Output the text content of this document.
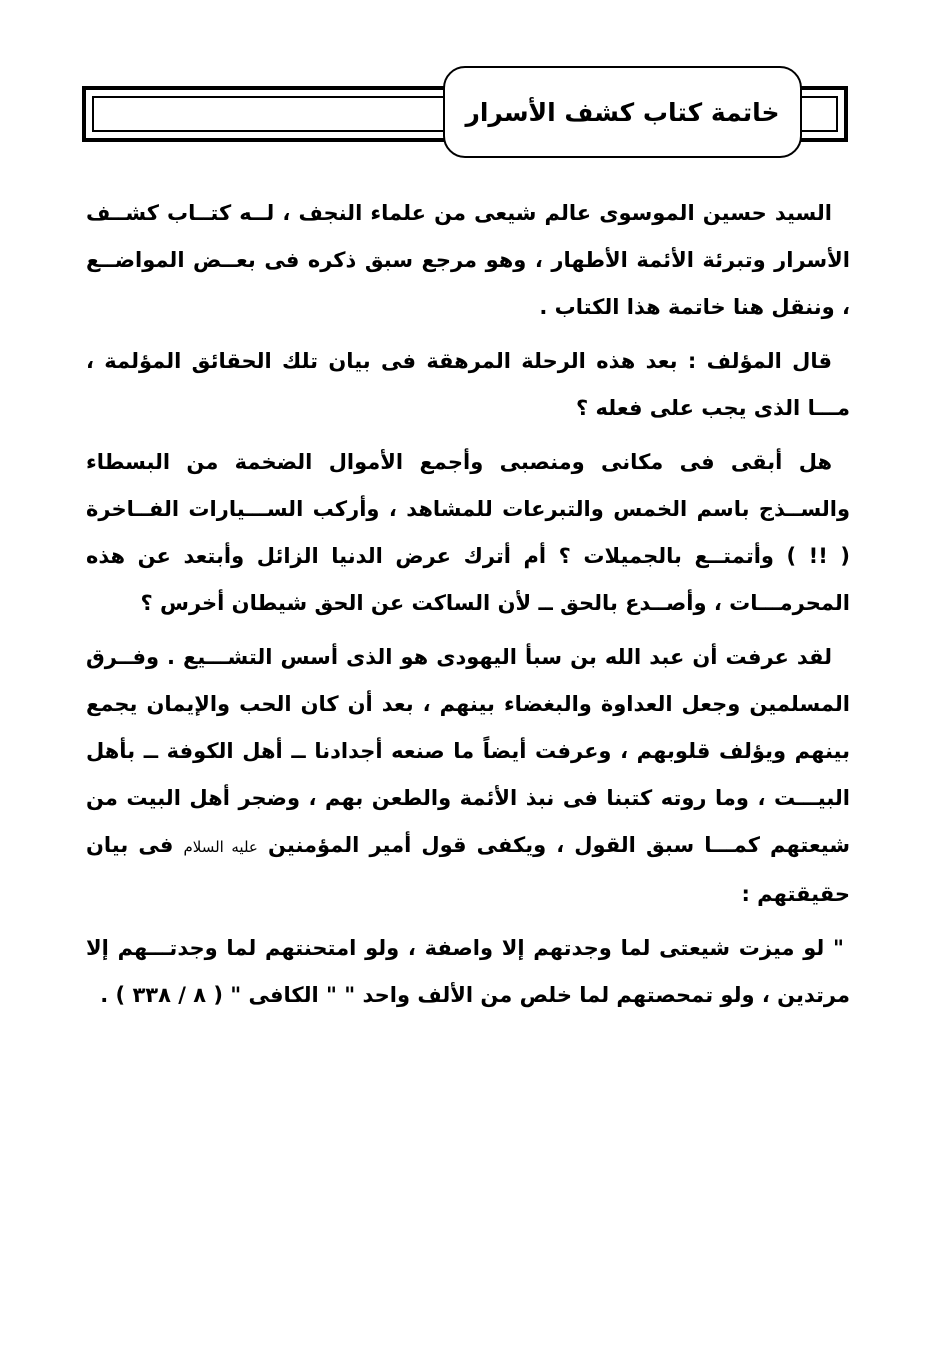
خاتمة كتاب كشف الأسرار

السيد حسين الموسوى عالم شيعى من علماء النجف ، لــه كتــاب كشــف الأسرار وتبرئة الأئمة الأطهار ، وهو مرجع سبق ذكره فى بعــض المواضــع ، وننقل هنا خاتمة هذا الكتاب .

قال المؤلف : بعد هذه الرحلة المرهقة فى بيان تلك الحقائق المؤلمة ، مـــا الذى يجب على فعله ؟

هل أبقى فى مكانى ومنصبى وأجمع الأموال الضخمة من البسطاء والســذج باسم الخمس والتبرعات للمشاهد ، وأركب الســـيارات الفــاخرة ( !! ) وأتمتــع بالجميلات ؟ أم أترك عرض الدنيا الزائل وأبتعد عن هذه المحرمـــات ، وأصــدع بالحق ــ لأن الساكت عن الحق شيطان أخرس ؟

لقد عرفت أن عبد الله بن سبأ اليهودى هو الذى أسس التشـــيع . وفــرق المسلمين وجعل العداوة والبغضاء بينهم ، بعد أن كان الحب والإيمان يجمع بينهم ويؤلف قلوبهم ، وعرفت أيضاً ما صنعه أجدادنا ــ أهل الكوفة ــ بأهل البيـــت ، وما روته كتبنا فى نبذ الأئمة والطعن بهم ، وضجر أهل البيت من شيعتهم كمـــا سبق القول ، ويكفى قول أمير المؤمنين عليه السلام فى بيان حقيقتهم :

" لو ميزت شيعتى لما وجدتهم إلا واصفة ، ولو امتحنتهم لما وجدتـــهم إلا مرتدين ، ولو تمحصتهم لما خلص من الألف واحد " " الكافى " ( ٨ / ٣٣٨ ) .
